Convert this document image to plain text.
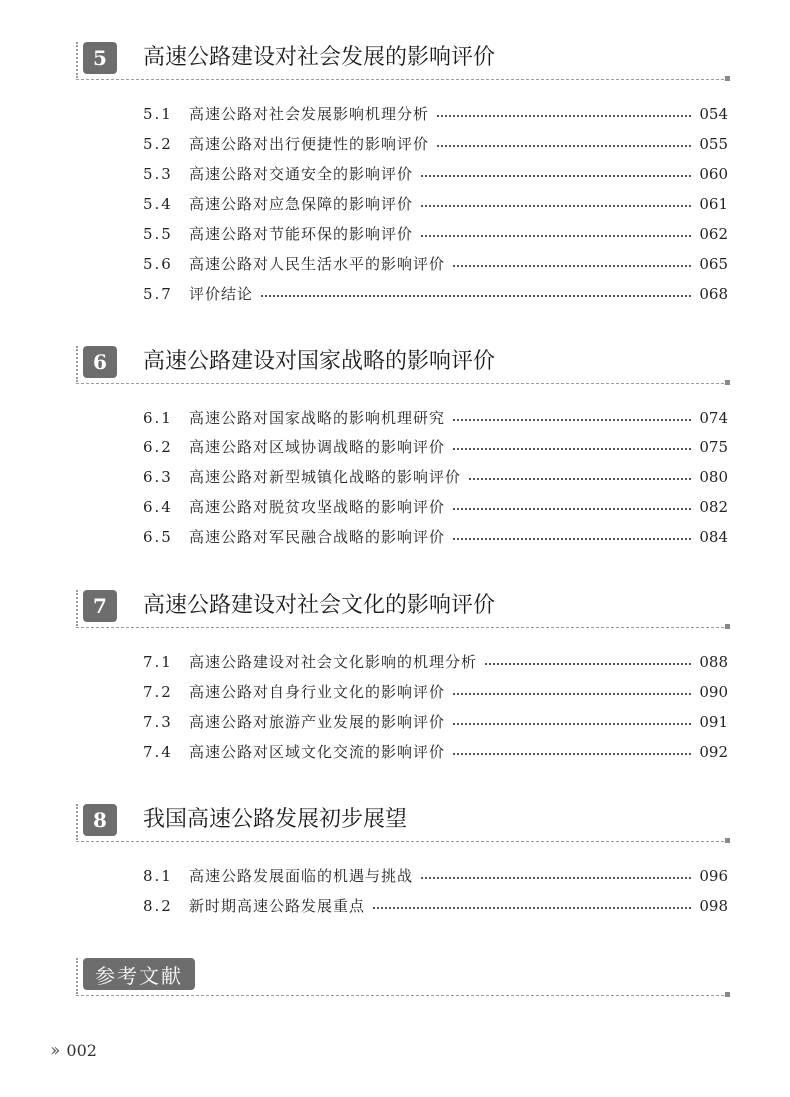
5	高速公路建设对社会发展的影响评价
5.1	高速公路对社会发展影响机理分析	054
5.2	高速公路对出行便捷性的影响评价	055
5.3	高速公路对交通安全的影响评价	060
5.4	高速公路对应急保障的影响评价	061
5.5	高速公路对节能环保的影响评价	062
5.6	高速公路对人民生活水平的影响评价	065
5.7	评价结论	068
6	高速公路建设对国家战略的影响评价
6.1	高速公路对国家战略的影响机理研究	074
6.2	高速公路对区域协调战略的影响评价	075
6.3	高速公路对新型城镇化战略的影响评价	080
6.4	高速公路对脱贫攻坚战略的影响评价	082
6.5	高速公路对军民融合战略的影响评价	084
7	高速公路建设对社会文化的影响评价
7.1	高速公路建设对社会文化影响的机理分析	088
7.2	高速公路对自身行业文化的影响评价	090
7.3	高速公路对旅游产业发展的影响评价	091
7.4	高速公路对区域文化交流的影响评价	092
8	我国高速公路发展初步展望
8.1	高速公路发展面临的机遇与挑战	096
8.2	新时期高速公路发展重点	098
参考文献
›› 002
